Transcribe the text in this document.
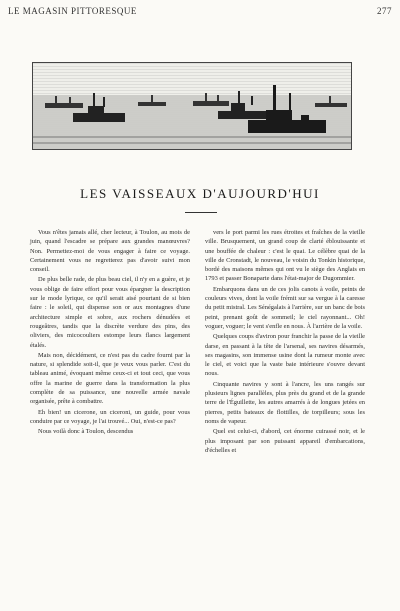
LE MAGASIN PITTORESQUE	277
LES VAISSEAUX D'AUJOURD'HUI

Vous n'êtes jamais allé, cher lecteur, à Toulon, au mois de juin, quand l'escadre se prépare aux grandes manœuvres? Non. Permettez-moi de vous engager à faire ce voyage. Certainement vous ne regretterez pas d'avoir suivi mon conseil.

De plus belle rade, de plus beau ciel, il n'y en a guère, et je vous oblige de faire effort pour vous épargner la description sur le mode lyrique, ce qu'il serait aisé pourtant de si bien faire : le soleil, qui dispense son or aux montagnes d'une architecture simple et sobre, aux rochers dénudées et rougeâtres, tandis que la discrète verdure des pins, des oliviers, des micocouliers estompe leurs flancs largement étalés.

Mais non, décidément, ce n'est pas du cadre fourni par la nature, si splendide soit-il, que je veux vous parler. C'est du tableau animé, évoquant même ceux-ci et tout ceci, que vous offre la marine de guerre dans la transformation la plus complète de sa puissance, une nouvelle armée navale organisée, prête à combattre.

Eh bien! un cicerone, un ciceroni, un guide, pour vous conduire par ce voyage, je l'ai trouvé... Oui, n'est-ce pas?

Nous voilà donc à Toulon, descendus

vers le port parmi les rues étroites et fraîches de la vieille ville. Brusquement, un grand coup de clarté éblouissante et une bouffée de chaleur : c'est le quai. Le célèbre quai de la ville de Cronstadt, le nouveau, le voisin du Tonkin historique, bordé des maisons mêmes qui ont vu le siège des Anglais en 1793 et passer Bonaparte dans l'état-major de Dugommier.

Embarquons dans un de ces jolis canots à voile, peints de couleurs vives, dont la voile frémit sur sa vergue à la caresse du petit mistral. Les Sénégalais à l'arrière, sur un banc de bois peint, prenant goût de sommeil; le ciel rayonnant... Oh! voguer, voguer; le vent s'enfle en nous. À l'arrière de la voile.

Quelques coups d'aviron pour franchir la passe de la vieille darse, en passant à la tête de l'arsenal, ses navires désarmés, ses magasins, son immense usine dont la rumeur monte avec le ciel, et voici que la vaste baie intérieure s'ouvre devant nous.

Cinquante navires y sont à l'ancre, les uns rangés sur plusieurs lignes parallèles, plus près du grand et de la grande terre de l'Éguillette, les autres amarrés à de longues jetées en pierres, petits bateaux de flottilles, de torpilleurs; sous les noms de vapeur.

Quel est celui-ci, d'abord, cet énorme cuirassé noir, et le plus imposant par son puissant appareil d'embarcations, d'échelles et
